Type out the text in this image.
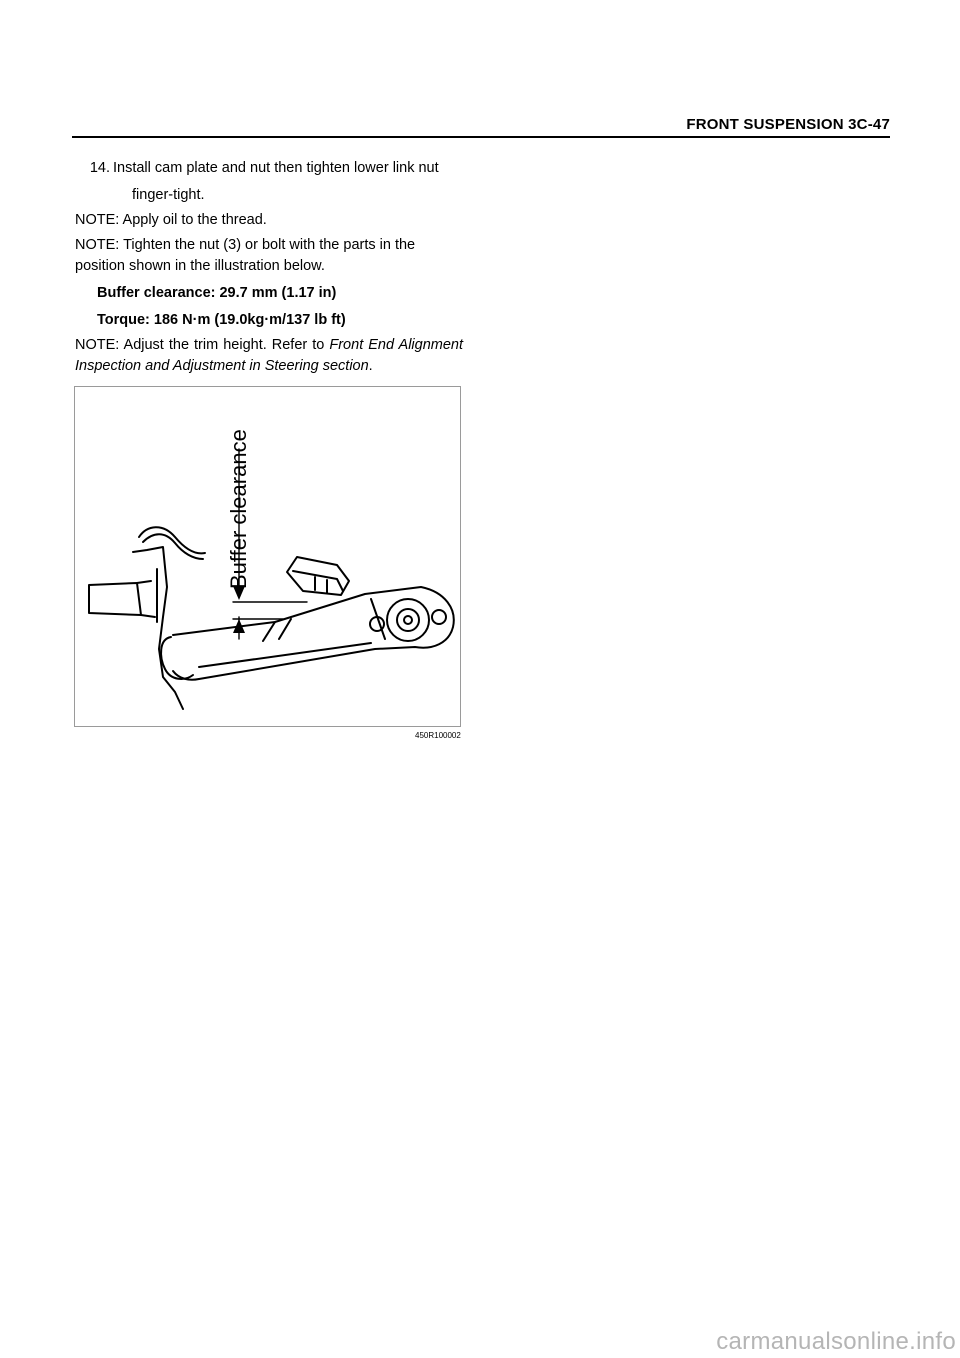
FRONT SUSPENSION 3C-47
14. Install cam plate and nut then tighten lower link nut
finger-tight.
NOTE: Apply oil to the thread.
NOTE: Tighten the nut (3) or bolt with the parts in the position shown in the illustration below.
Buffer clearance: 29.7 mm (1.17 in)
Torque: 186 N·m (19.0kg·m/137 lb ft)
NOTE: Adjust the trim height. Refer to Front End Alignment Inspection and Adjustment in Steering section.
Buffer clearance
450R100002
carmanualsonline.info
